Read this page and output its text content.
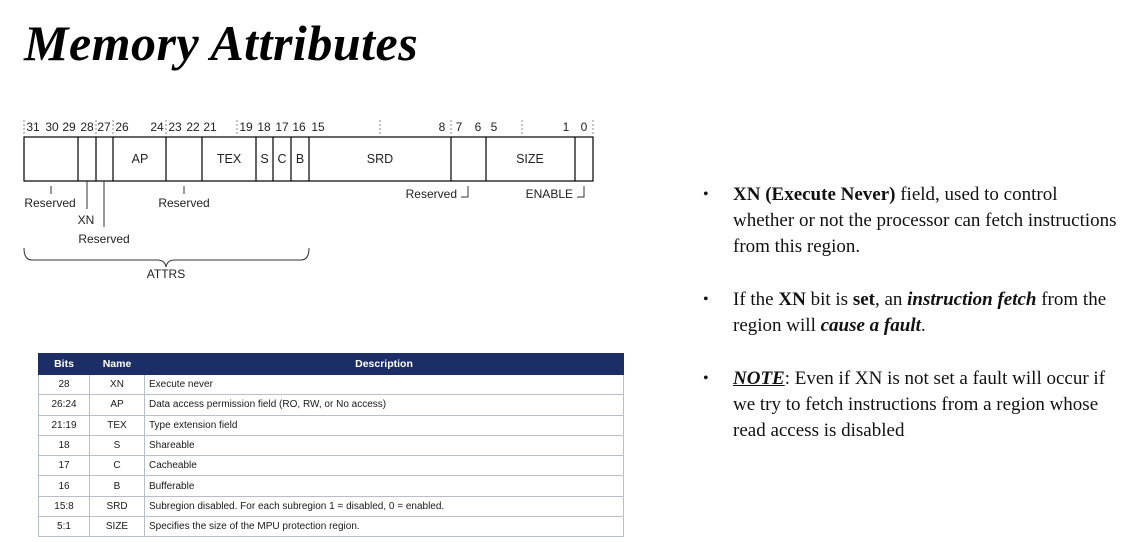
Memory Attributes
31 30 29 28 27 26 24 23 22 21 19 18 17 16 15	8 7 6 5	1 0
AP	TEX S C B	SRD	SIZE
Reserved
XN
Reserved
Reserved
Reserved	ENABLE
ATTRS
Bits	Name	Description
28	XN	Execute never
26:24	AP	Data access permission field (RO, RW, or No access)
21:19	TEX	Type extension field
18	S	Shareable
17	C	Cacheable
16	B	Bufferable
15:8	SRD	Subregion disabled. For each subregion 1 = disabled, 0 = enabled.
5:1	SIZE	Specifies the size of the MPU protection region.
• XN (Execute Never) field, used to control whether or not the processor can fetch instructions from this region.
• If the XN bit is set, an instruction fetch from the region will cause a fault.
• NOTE: Even if XN is not set a fault will occur if we try to fetch instructions from a region whose read access is disabled
